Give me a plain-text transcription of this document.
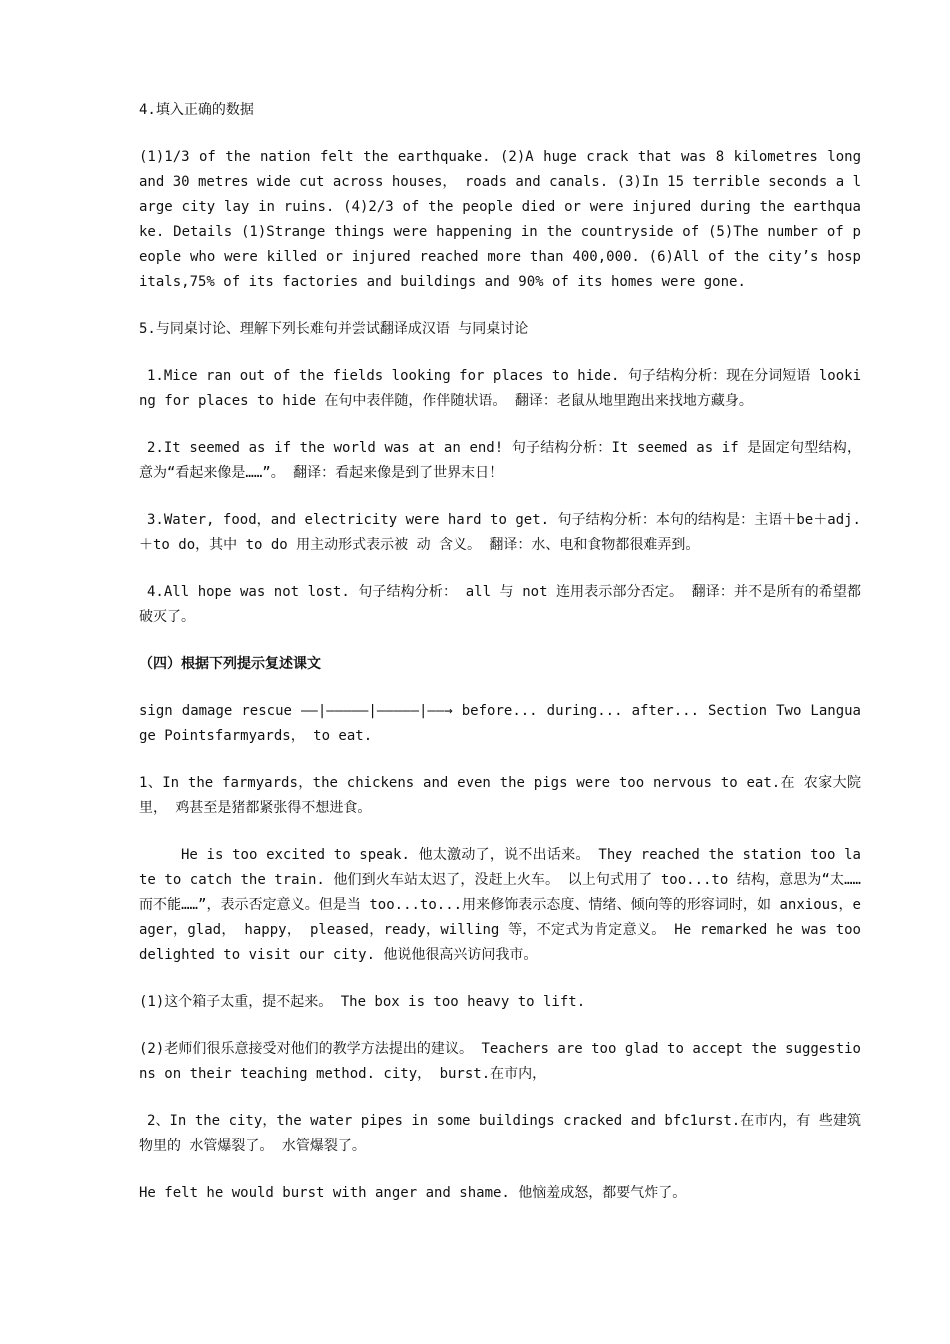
4.填入正确的数据

(1)1/3 of the nation felt the earthquake. (2)A huge crack that was 8 kilometres long and 30 metres wide cut across houses， roads and canals. (3)In 15 terrible seconds a large city lay in ruins. (4)2/3 of the people died or were injured during the earthquake. Details (1)Strange things were happening in the countryside of (5)The number of people who were killed or injured reached more than 400,000. (6)All of the city’s hospitals,75% of its factories and buildings and 90% of its homes were gone.

5.与同桌讨论、理解下列长难句并尝试翻译成汉语 与同桌讨论

1.Mice ran out of the fields looking for places to hide. 句子结构分析：现在分词短语 looking for places to hide 在句中表伴随，作伴随状语。 翻译：老鼠从地里跑出来找地方藏身。

2.It seemed as if the world was at an end! 句子结构分析：It seemed as if 是固定句型结构，意为“看起来像是……”。 翻译：看起来像是到了世界末日！

3.Water, food，and electricity were hard to get. 句子结构分析：本句的结构是：主语＋be＋adj.＋to do，其中 to do 用主动形式表示被 动 含义。 翻译：水、电和食物都很难弄到。

4.All hope was not lost. 句子结构分析： all 与 not 连用表示部分否定。 翻译：并不是所有的希望都破灭了。

（四）根据下列提示复述课文

sign damage rescue ——|—————|—————|——→ before... during... after... Section Two Language Pointsfarmyards， to eat.

1、In the farmyards，the chickens and even the pigs were too nervous to eat.在 农家大院里， 鸡甚至是猪都紧张得不想进食。

He is too excited to speak. 他太激动了，说不出话来。 They reached the station too late to catch the train. 他们到火车站太迟了，没赶上火车。 以上句式用了 too...to 结构，意思为“太……而不能……”，表示否定意义。但是当 too...to...用来修饰表示态度、情绪、倾向等的形容词时，如 anxious，eager，glad， happy， pleased，ready，willing 等，不定式为肯定意义。 He remarked he was too delighted to visit our city. 他说他很高兴访问我市。

(1)这个箱子太重，提不起来。 The box is too heavy to lift.

(2)老师们很乐意接受对他们的教学方法提出的建议。 Teachers are too glad to accept the suggestions on their teaching method. city， burst.在市内，

2、In the city，the water pipes in some buildings cracked and bfc1urst.在市内，有 些建筑物里的 水管爆裂了。 水管爆裂了。

He felt he would burst with anger and shame. 他恼羞成怒，都要气炸了。
